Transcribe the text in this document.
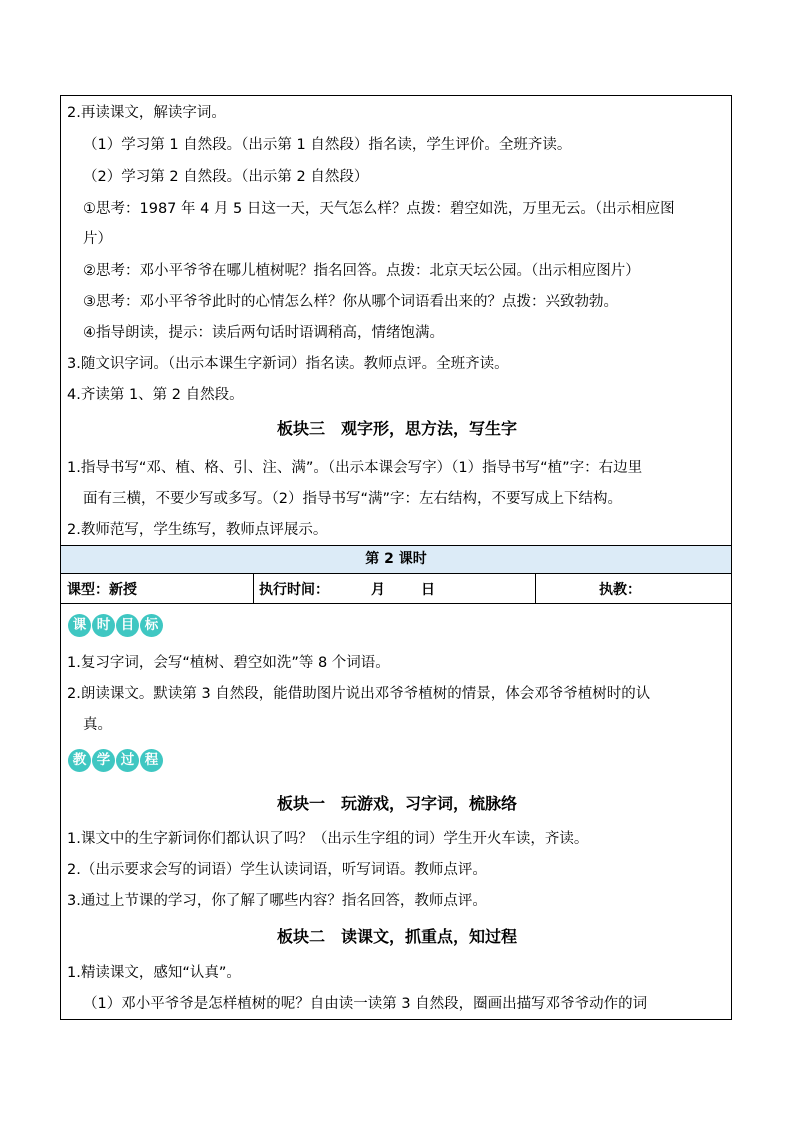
2.再读课文，解读字词。
（1）学习第 1 自然段。（出示第 1 自然段）指名读，学生评价。全班齐读。
（2）学习第 2 自然段。（出示第 2 自然段）
①思考：1987 年 4 月 5 日这一天，天气怎么样？点拨：碧空如洗，万里无云。（出示相应图
片）
②思考：邓小平爷爷在哪儿植树呢？指名回答。点拨：北京天坛公园。（出示相应图片）
③思考：邓小平爷爷此时的心情怎么样？你从哪个词语看出来的？点拨：兴致勃勃。
④指导朗读，提示：读后两句话时语调稍高，情绪饱满。
3.随文识字词。（出示本课生字新词）指名读。教师点评。全班齐读。
4.齐读第 1、第 2 自然段。
板块三　观字形，思方法，写生字
1.指导书写“邓、植、格、引、注、满”。（出示本课会写字）（1）指导书写“植”字：右边里
面有三横，不要少写或多写。（2）指导书写“满”字：左右结构，不要写成上下结构。
2.教师范写，学生练写，教师点评展示。
第 2 课时
课型：新授	执行时间：	月	日	执教：
课 时 目 标
1.复习字词，会写“植树、碧空如洗”等 8 个词语。
2.朗读课文。默读第 3 自然段，能借助图片说出邓爷爷植树的情景，体会邓爷爷植树时的认
真。
教 学 过 程
板块一　玩游戏，习字词，梳脉络
1.课文中的生字新词你们都认识了吗？（出示生字组的词）学生开火车读，齐读。
2.（出示要求会写的词语）学生认读词语，听写词语。教师点评。
3.通过上节课的学习，你了解了哪些内容？指名回答，教师点评。
板块二　读课文，抓重点，知过程
1.精读课文，感知“认真”。
（1）邓小平爷爷是怎样植树的呢？自由读一读第 3 自然段，圈画出描写邓爷爷动作的词
